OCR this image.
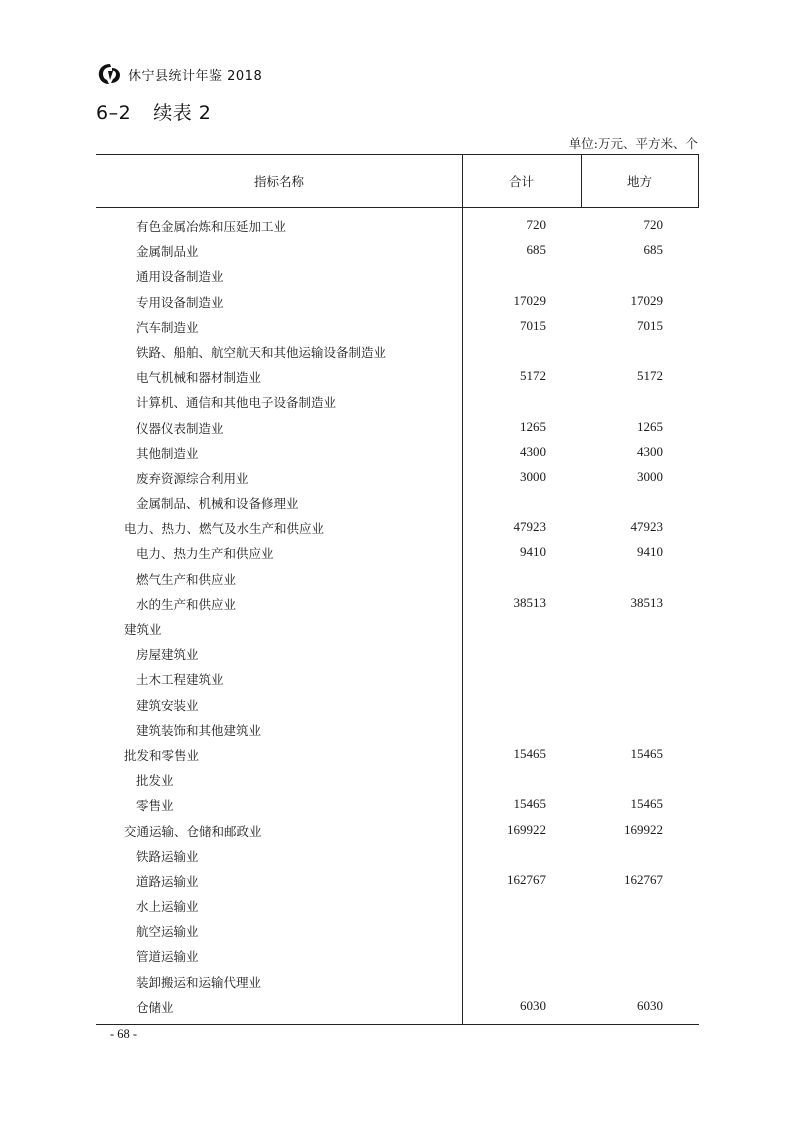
休宁县统计年鉴 2018
6–2 续表 2
单位:万元、平方米、个
指标名称	合计	地方
有色金属冶炼和压延加工业	720	720
金属制品业	685	685
通用设备制造业
专用设备制造业	17029	17029
汽车制造业	7015	7015
铁路、船舶、航空航天和其他运输设备制造业
电气机械和器材制造业	5172	5172
计算机、通信和其他电子设备制造业
仪器仪表制造业	1265	1265
其他制造业	4300	4300
废弃资源综合利用业	3000	3000
金属制品、机械和设备修理业
电力、热力、燃气及水生产和供应业	47923	47923
电力、热力生产和供应业	9410	9410
燃气生产和供应业
水的生产和供应业	38513	38513
建筑业
房屋建筑业
土木工程建筑业
建筑安装业
建筑装饰和其他建筑业
批发和零售业	15465	15465
批发业
零售业	15465	15465
交通运输、仓储和邮政业	169922	169922
铁路运输业
道路运输业	162767	162767
水上运输业
航空运输业
管道运输业
装卸搬运和运输代理业
仓储业	6030	6030
- 68 -
